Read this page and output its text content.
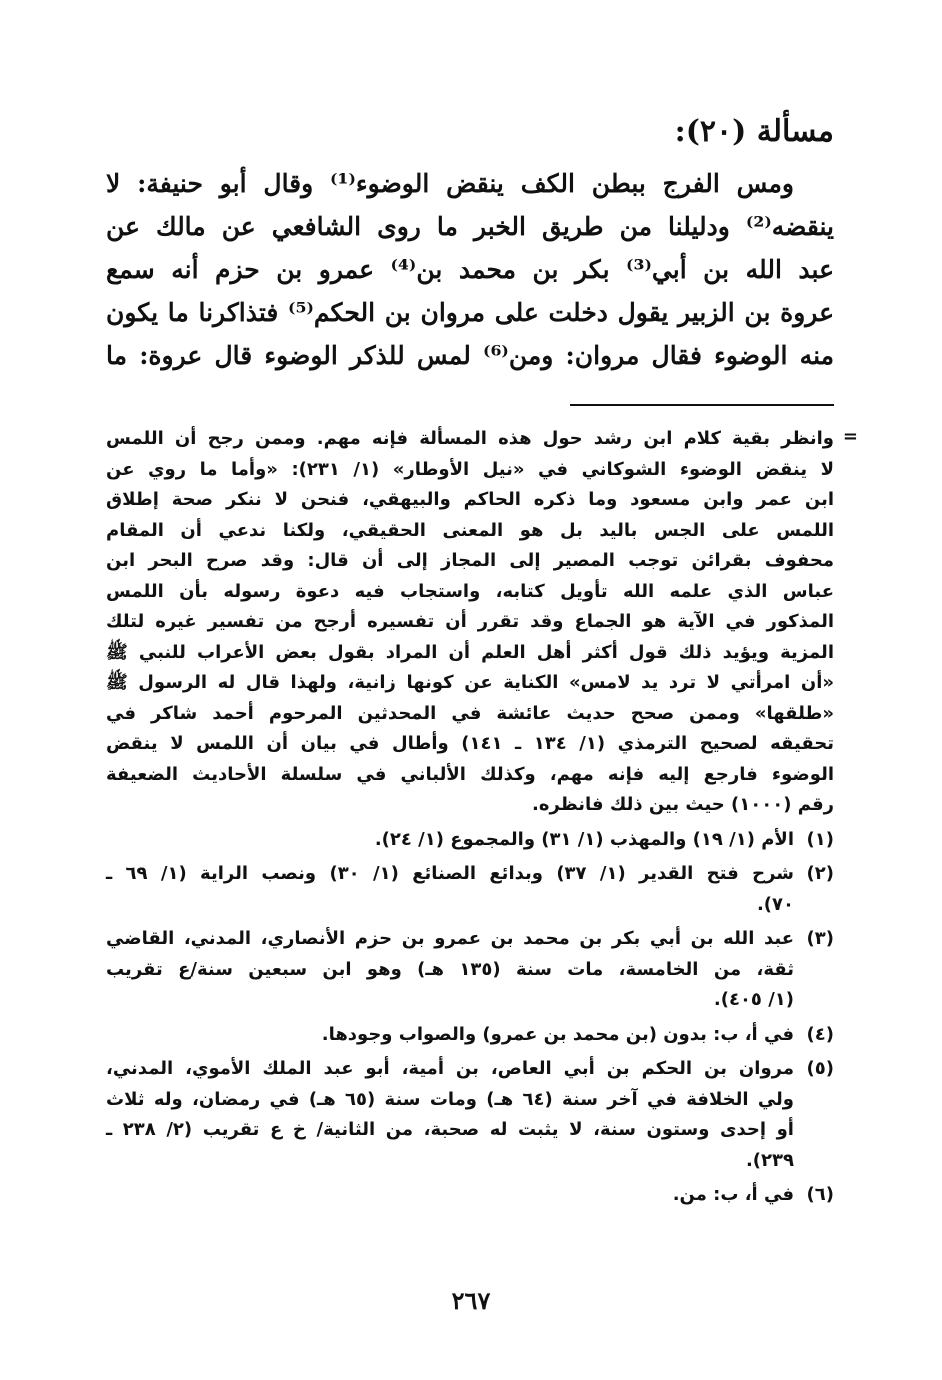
مسألة (٢٠):
ومس الفرج ببطن الكف ينقض الوضوء⁽¹⁾ وقال أبو حنيفة: لا
ينقضه⁽²⁾ ودليلنا من طريق الخبر ما روى الشافعي عن مالك عن
عبد الله بن أبي⁽³⁾ بكر بن محمد بن⁽⁴⁾ عمرو بن حزم أنه سمع
عروة بن الزبير يقول دخلت على مروان بن الحكم⁽⁵⁾ فتذاكرنا ما يكون
منه الوضوء فقال مروان: ومن⁽⁶⁾ لمس للذكر الوضوء قال عروة: ما
=
وانظر بقية كلام ابن رشد حول هذه المسألة فإنه مهم. وممن رجح أن اللمس
لا ينقض الوضوء الشوكاني في «نيل الأوطار» (١/ ٢٣١): «وأما ما روي عن
ابن عمر وابن مسعود وما ذكره الحاكم والبيهقي، فنحن لا ننكر صحة إطلاق
اللمس على الجس باليد بل هو المعنى الحقيقي، ولكنا ندعي أن المقام
محفوف بقرائن توجب المصير إلى المجاز إلى أن قال: وقد صرح البحر ابن
عباس الذي علمه الله تأويل كتابه، واستجاب فيه دعوة رسوله بأن اللمس
المذكور في الآية هو الجماع وقد تقرر أن تفسيره أرجح من تفسير غيره لتلك
المزية ويؤيد ذلك قول أكثر أهل العلم أن المراد بقول بعض الأعراب للنبي ﷺ
«أن امرأتي لا ترد يد لامس» الكناية عن كونها زانية، ولهذا قال له الرسول ﷺ
«طلقها» وممن صحح حديث عائشة في المحدثين المرحوم أحمد شاكر في
تحقيقه لصحيح الترمذي (١/ ١٣٤ ـ ١٤١) وأطال في بيان أن اللمس لا ينقض
الوضوء فارجع إليه فإنه مهم، وكذلك الألباني في سلسلة الأحاديث الضعيفة
رقم (١٠٠٠) حيث بين ذلك فانظره.
(١)
الأم (١/ ١٩) والمهذب (١/ ٣١) والمجموع (١/ ٢٤).
(٢)
شرح فتح القدير (١/ ٣٧) وبدائع الصنائع (١/ ٣٠) ونصب الراية (١/ ٦٩ ـ
٧٠).
(٣)
عبد الله بن أبي بكر بن محمد بن عمرو بن حزم الأنصاري، المدني، القاضي
ثقة، من الخامسة، مات سنة (١٣٥ هـ) وهو ابن سبعين سنة/ع تقريب
(١/ ٤٠٥).
(٤)
في أ، ب: بدون (بن محمد بن عمرو) والصواب وجودها.
(٥)
مروان بن الحكم بن أبي العاص، بن أمية، أبو عبد الملك الأموي، المدني،
ولي الخلافة في آخر سنة (٦٤ هـ) ومات سنة (٦٥ هـ) في رمضان، وله ثلاث
أو إحدى وستون سنة، لا يثبت له صحبة، من الثانية/ خ ع تقريب (٢/ ٢٣٨ ـ
٢٣٩).
(٦)
في أ، ب: من.
٢٦٧
